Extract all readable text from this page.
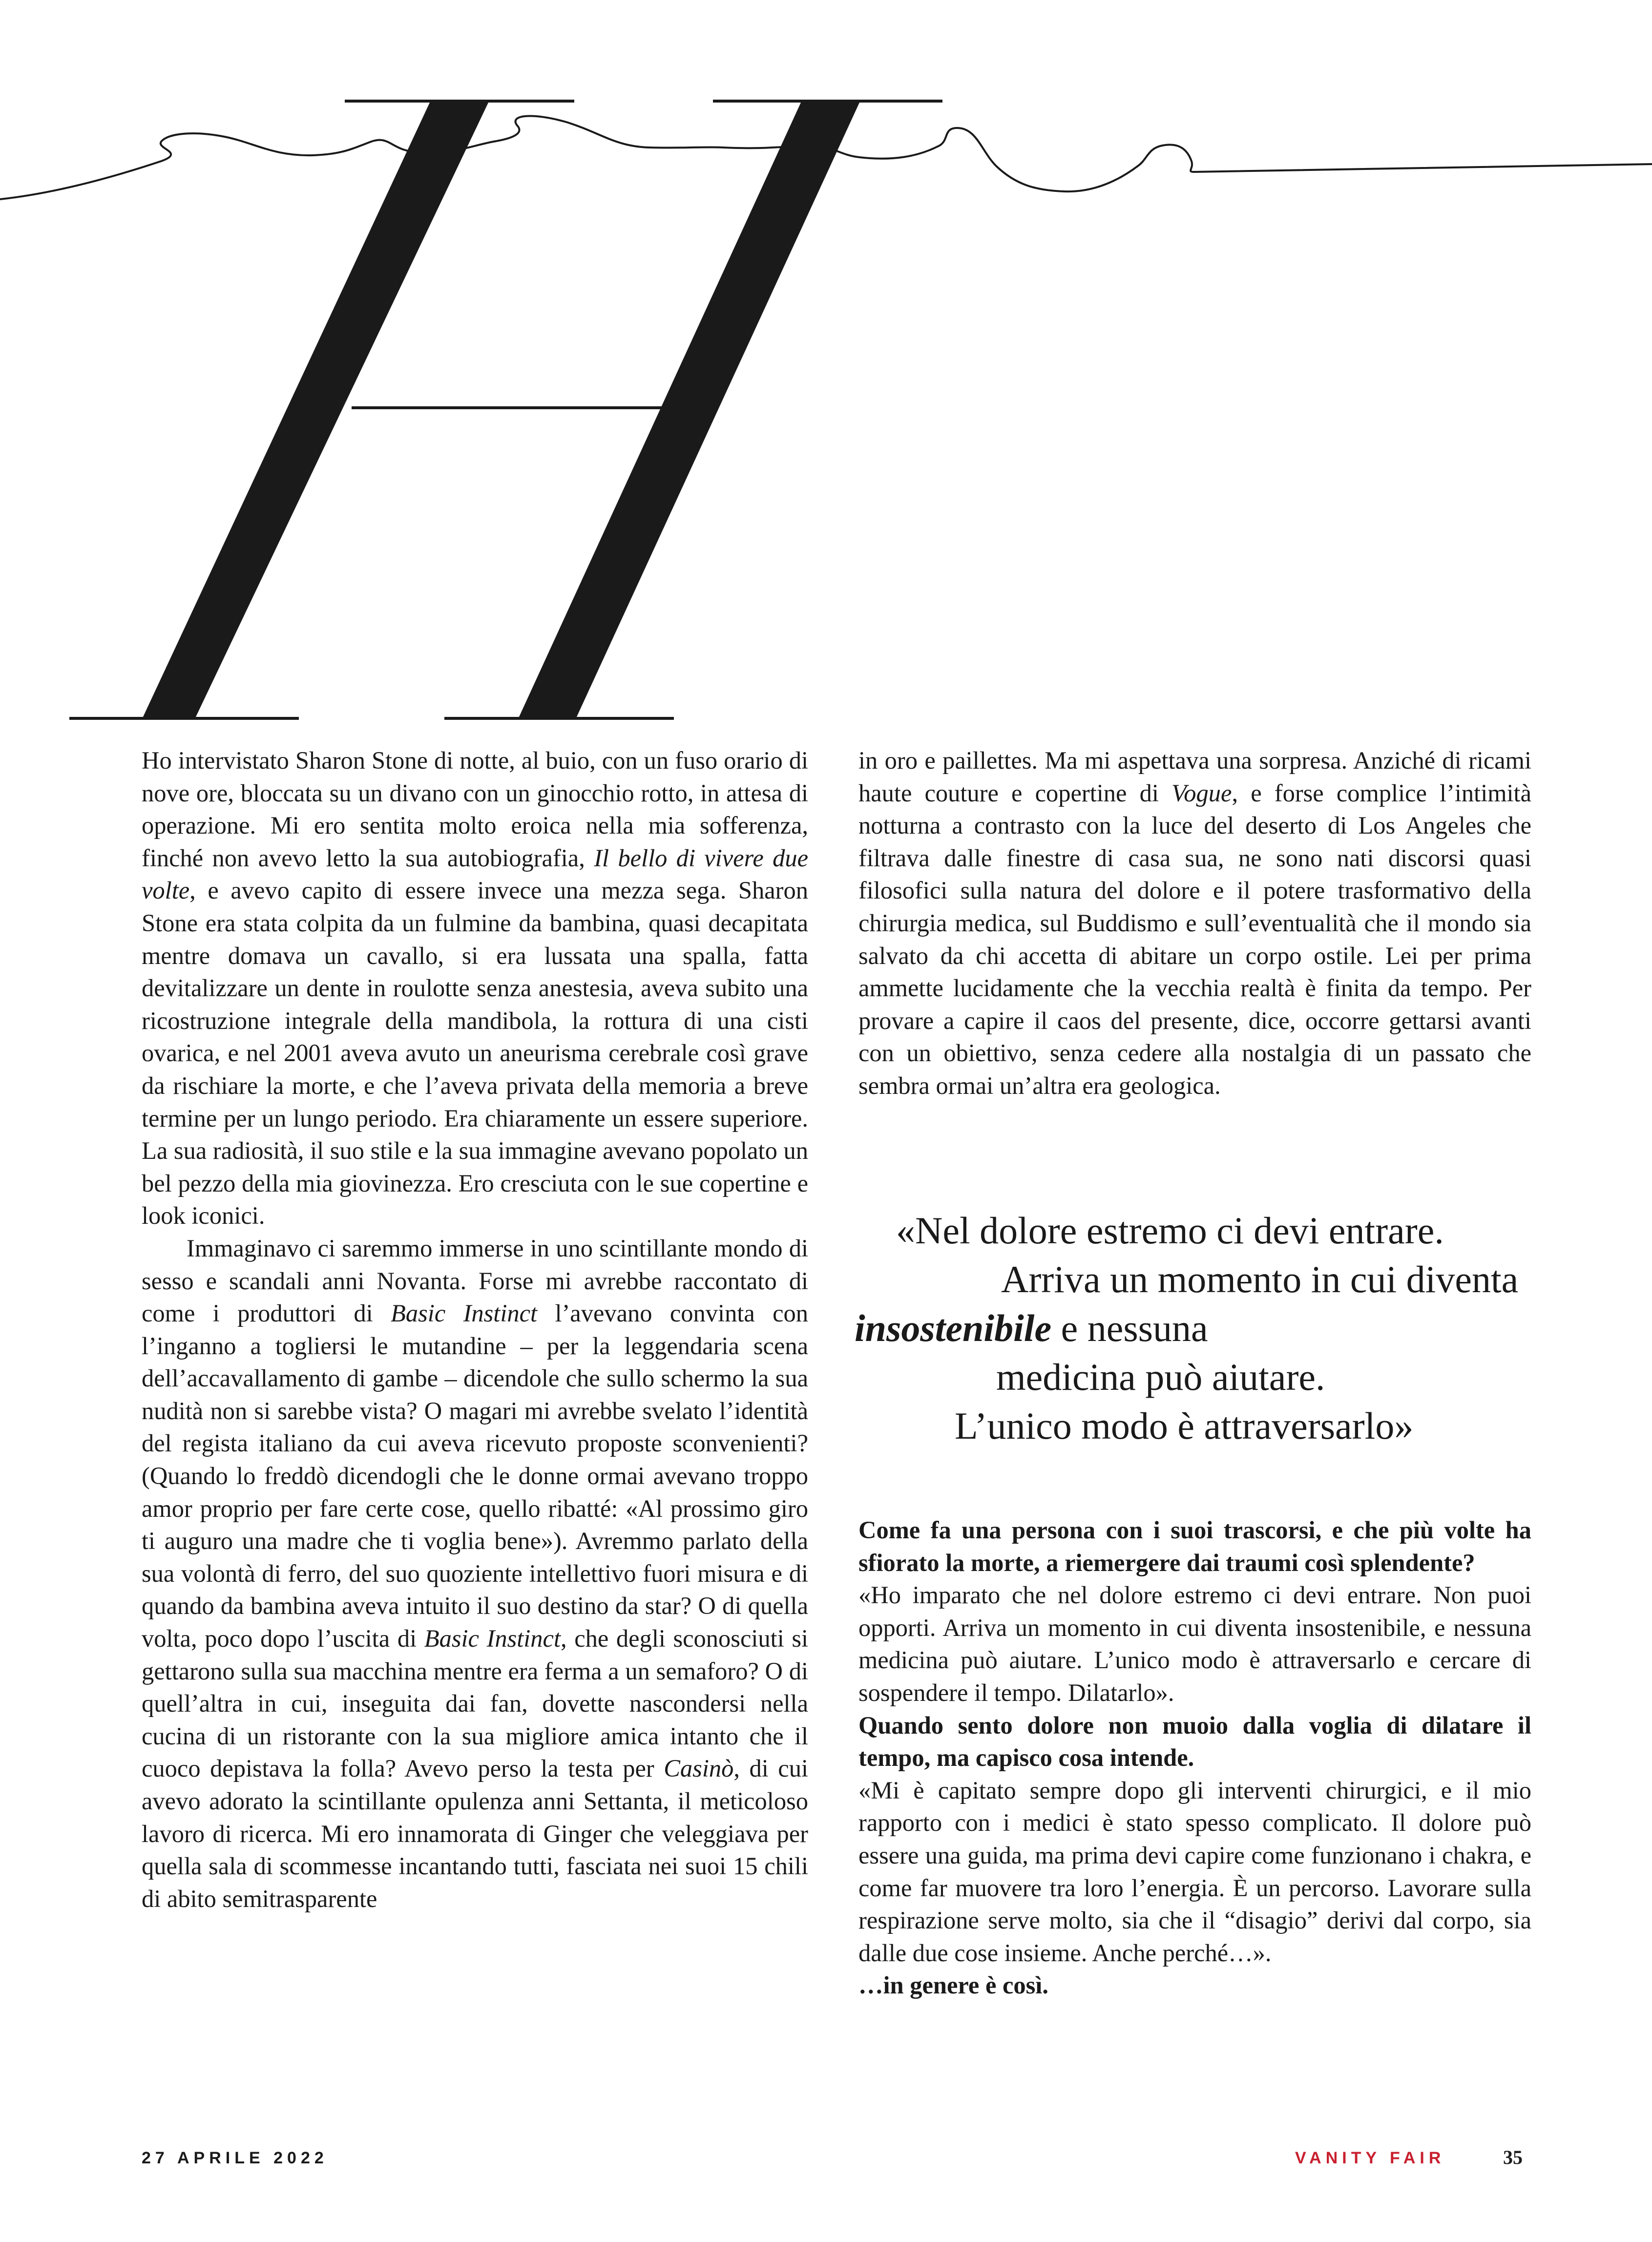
Ho intervistato Sharon Stone di notte, al buio, con un fuso orario di nove ore, bloccata su un divano con un ginocchio rotto, in attesa di operazione. Mi ero sentita molto eroica nella mia sofferenza, finché non avevo letto la sua autobiografia, Il bello di vivere due volte, e avevo capito di essere invece una mezza sega. Sharon Stone era stata colpita da un fulmine da bambina, quasi decapitata mentre domava un cavallo, si era lussata una spalla, fatta devitalizzare un dente in roulotte senza anestesia, aveva subito una ricostruzione integrale della mandibola, la rottura di una cisti ovarica, e nel 2001 aveva avuto un aneurisma cerebrale così grave da rischiare la morte, e che l’aveva privata della memoria a breve termine per un lungo periodo. Era chiaramente un essere superiore. La sua radiosità, il suo stile e la sua immagine avevano popolato un bel pezzo della mia giovinezza. Ero cresciuta con le sue copertine e look iconici.

Immaginavo ci saremmo immerse in uno scintillante mondo di sesso e scandali anni Novanta. Forse mi avrebbe raccontato di come i produttori di Basic Instinct l’avevano convinta con l’inganno a togliersi le mutandine – per la leggendaria scena dell’accavallamento di gambe – dicendole che sullo schermo la sua nudità non si sarebbe vista? O magari mi avrebbe svelato l’identità del regista italiano da cui aveva ricevuto proposte sconvenienti? (Quando lo freddò dicendogli che le donne ormai avevano troppo amor proprio per fare certe cose, quello ribatté: «Al prossimo giro ti auguro una madre che ti voglia bene»). Avremmo parlato della sua volontà di ferro, del suo quoziente intellettivo fuori misura e di quando da bambina aveva intuito il suo destino da star? O di quella volta, poco dopo l’uscita di Basic Instinct, che degli sconosciuti si gettarono sulla sua macchina mentre era ferma a un semaforo? O di quell’altra in cui, inseguita dai fan, dovette nascondersi nella cucina di un ristorante con la sua migliore amica intanto che il cuoco depistava la folla? Avevo perso la testa per Casinò, di cui avevo adorato la scintillante opulenza anni Settanta, il meticoloso lavoro di ricerca. Mi ero innamorata di Ginger che veleggiava per quella sala di scommesse incantando tutti, fasciata nei suoi 15 chili di abito semitrasparente

in oro e paillettes. Ma mi aspettava una sorpresa. Anziché di ricami haute couture e copertine di Vogue, e forse complice l’intimità notturna a contrasto con la luce del deserto di Los Angeles che filtrava dalle finestre di casa sua, ne sono nati discorsi quasi filosofici sulla natura del dolore e il potere trasformativo della chirurgia medica, sul Buddismo e sull’eventualità che il mondo sia salvato da chi accetta di abitare un corpo ostile. Lei per prima ammette lucidamente che la vecchia realtà è finita da tempo. Per provare a capire il caos del presente, dice, occorre gettarsi avanti con un obiettivo, senza cedere alla nostalgia di un passato che sembra ormai un’altra era geologica.

«Nel dolore estremo ci devi entrare.
Arriva un momento in cui diventa
insostenibile e nessuna
medicina può aiutare.
L’unico modo è attraversarlo»

Come fa una persona con i suoi trascorsi, e che più volte ha sfiorato la morte, a riemergere dai traumi così splendente?

«Ho imparato che nel dolore estremo ci devi entrare. Non puoi opporti. Arriva un momento in cui diventa insostenibile, e nessuna medicina può aiutare. L’unico modo è attraversarlo e cercare di sospendere il tempo. Dilatarlo».

Quando sento dolore non muoio dalla voglia di dilatare il tempo, ma capisco cosa intende.

«Mi è capitato sempre dopo gli interventi chirurgici, e il mio rapporto con i medici è stato spesso complicato. Il dolore può essere una guida, ma prima devi capire come funzionano i chakra, e come far muovere tra loro l’energia. È un percorso. Lavorare sulla respirazione serve molto, sia che il “disagio” derivi dal corpo, sia dalle due cose insieme. Anche perché…».

…in genere è così.

27 APRILE 2022	VANITY FAIR	35
